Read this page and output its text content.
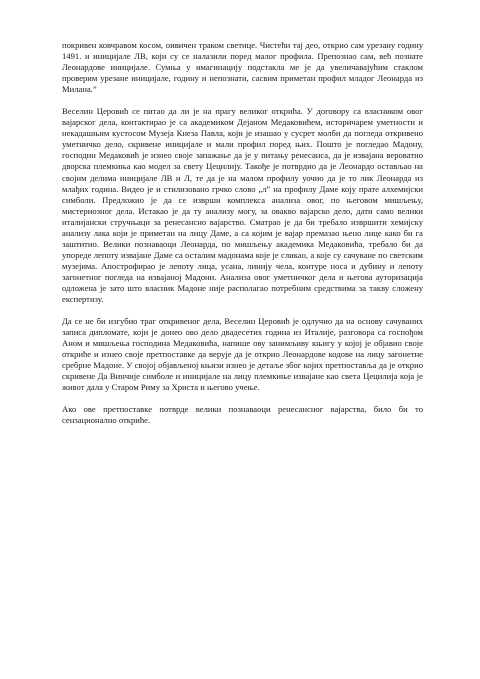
покривен ковчравом косом, оивичен траком светице. Чистећи тај део, открио сам урезану годину 1491. и иницијале ЛВ, који су се налазили поред малог профила. Препознао сам, већ познате Леонардове иницијале. Сумња у имагинацију подстакла ме је да увеличавајућим стаклом проверим урезане иницијале, годину и непознати, сасвим приметан профил младог Леонарда из Милана.”

Веселин Церовић се питао да ли је на прагу великог открића. У договору са власником овог вајарског дела, контактирао је са академиком Дејаном Медаковићем, историчарем уметности и некадашњим кустосом Музеја Кнеза Павла, који је изашао у сусрет молби да погледа откривено уметничко дело, скривене иницијале и мали профил поред њих. Пошто је погледао Мадону, господин Медаковић је изнео своје запажање да је у питању ренесанса, да је извајана вероватно дворска племкиња као модел за свету Цецилију. Такође је потврдио да је Леонардо остављао на својим делима иницијале ЛВ и Л, те да је на малом профилу уочио да је то лик Леонарда из млађих година. Видео је и стилизовано грчко слово „л” на профилу Даме коју прате алхемијски симболи. Предложио је да се изврши комплекса анализа овог, по његовом мишљењу, мистериозног дела. Истакао је да ту анализу могу, за овакво вајарско дело, дати само велики италијански стручњаци за ренесансно вајарство. Сматрао је да би требало извршити хемијску анализу лака који је приметан на лицу Даме, а са којим је вајар премазао њено лице како би га заштитио. Велики познаваоци Леонарда, по мишљењу академика Медаковића, требало би да упореде лепоту извајане Даме са осталим мадонама које је сликао, а које су сачуване по светским музејима. Апострофирао је лепоту лица, усана, линију чела, контуре носа и дубину и лепоту загонетног погледа на извајаној Мадони. Анализа овог уметничког дела и његова ауторизација одложена је зато што власник Мадоне није располагао потребним средствима за такву сложену експертизу.

Да се не би изгубио траг откривеног дела, Веселин Церовић је одлучио да на основу сачуваних записа дипломате, који је донео ово дело двадесетих година из Италије, разговора са госпођом Аном и мишљења господина Медаковића, напише ову занимљиву књигу у којој је објавио своје откриће и изнео своје претпоставке да верује да је открио Леонардове кодове на лицу загонетне сребрне Мадоне. У својој објављеној књизи изнео је детаље због којих претпоставља да је открио скривене Да Винчије симболе и иницијале на лицу племкиње извајане као света Цецилија која је живот дала у Старом Риму за Христа и његово учење.

Ако ове претпоставке потврде велики познаваоци ренесансног вајарства, било би то сензационално откриће.
